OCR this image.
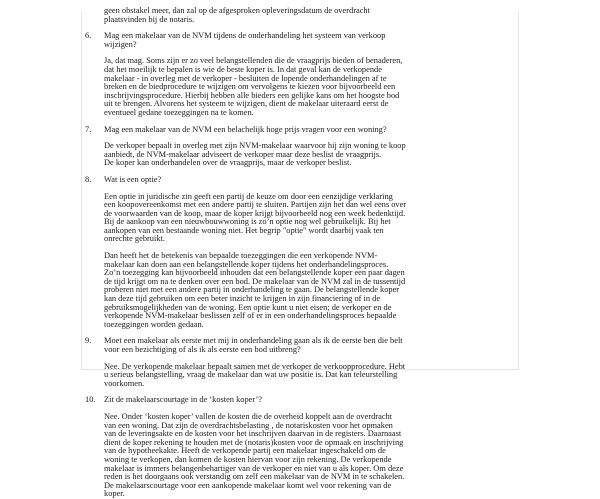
geen obstakel meer, dan zal op de afgesproken opleveringsdatum de overdracht
plaatsvinden bij de notaris.
6.	Mag een makelaar van de NVM tijdens de onderhandeling het systeem van verkoop
wijzigen?
Ja, dat mag. Soms zijn er zo veel belangstellenden die de vraagprijs bieden of benaderen,
dat het moeilijk te bepalen is wie de beste koper is. In dat geval kan de verkopende
makelaar - in overleg met de verkoper - besluiten de lopende onderhandelingen af te
breken en de biedprocedure te wijzigen om vervolgens te kiezen voor bijvoorbeeld een
inschrijvingsprocedure. Hierbij hebben alle bieders een gelijke kans om het hoogste bod
uit te brengen. Alvorens het systeem te wijzigen, dient de makelaar uiteraard eerst de
eventueel gedane toezeggingen na te komen.
7.	Mag een makelaar van de NVM een belachelijk hoge prijs vragen voor een woning?
De verkoper bepaalt in overleg met zijn NVM-makelaar waarvoor hij zijn woning te koop
aanbiedt, de NVM-makelaar adviseert de verkoper maar deze beslist de vraagprijs.
De koper kan onderhandelen over de vraagprijs, maar de verkoper beslist.
8.	Wat is een optie?
Een optie in juridische zin geeft een partij de keuze om door een eenzijdige verklaring
een koopovereenkomst met een andere partij te sluiten. Partijen zijn het dan wel eens over
de voorwaarden van de koop, maar de koper krijgt bijvoorbeeld nog een week bedenktijd.
Bij de aankoop van een nieuwbouwwoning is zo’n optie nog wel gebruikelijk. Bij het
aankopen van een bestaande woning niet. Het begrip "optie" wordt daarbij vaak ten
onrechte gebruikt.
Dan heeft het de betekenis van bepaalde toezeggingen die een verkopende NVM-
makelaar kan doen aan een belangstellende koper tijdens het onderhandelingsproces.
Zo’n toezegging kan bijvoorbeeld inhouden dat een belangstellende koper een paar dagen
de tijd krijgt om na te denken over een bod. De makelaar van de NVM zal in de tussentijd
proberen niet met een andere partij in onderhandeling te gaan. De belangstellende koper
kan deze tijd gebruiken om een beter inzicht te krijgen in zijn financiering of in de
gebruiksmogelijkheden van de woning. Een optie kunt u niet eisen; de verkoper en de
verkopende NVM-makelaar beslissen zelf of er in een onderhandelingsproces bepaalde
toezeggingen worden gedaan.
9.	Moet een makelaar als eerste met mij in onderhandeling gaan als ik de eerste ben die belt
voor een bezichtiging of als ik als eerste een bod uitbreng?
Nee. De verkopende makelaar bepaalt samen met de verkoper de verkoopprocedure. Hebt
u serieus belangstelling, vraag de makelaar dan wat uw positie is. Dat kan teleurstelling
voorkomen.
10.	Zit de makelaarscourtage in de ‘kosten koper’?
Nee. Onder ‘kosten koper’ vallen de kosten die de overheid koppelt aan de overdracht
van een woning. Dat zijn de overdrachtsbelasting , de notariskosten voor het opmaken
van de leveringsakte en de kosten voor het inschrijven daarvan in de registers. Daarnaast
dient de koper rekening te houden met de (notaris)kosten voor de opmaak en inschrijving
van de hypotheekakte. Heeft de verkopende partij een makelaar ingeschakeld om de
woning te verkopen, dan komen de kosten hiervan voor zijn rekening. De verkopende
makelaar is immers belangenbehartiger van de verkoper en niet van u als koper. Om deze
reden is het doorgaans ook verstandig om zelf een makelaar van de NVM in te schakelen.
De makelaarscourtage voor een aankopende makelaar komt wel voor rekening van de
koper.
